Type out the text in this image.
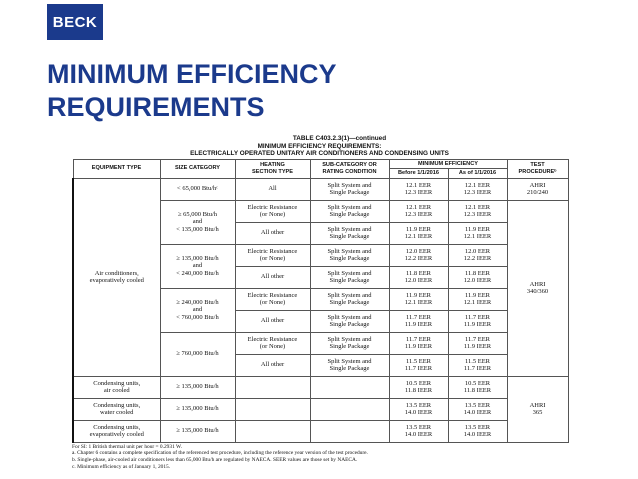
BECK
MINIMUM EFFICIENCY
REQUIREMENTS
TABLE C403.2.3(1)—continued
MINIMUM EFFICIENCY REQUIREMENTS:
ELECTRICALLY OPERATED UNITARY AIR CONDITIONERS AND CONDENSING UNITS
EQUIPMENT TYPE	SIZE CATEGORY	HEATING
SECTION TYPE	SUB-CATEGORY OR
RATING CONDITION	MINIMUM EFFICIENCY		TEST
PROCEDUREᵇ

				Before 1/1/2016	As of 1/1/2016	

Air conditioners,
evaporatively cooled	< 65,000 Btu/hᶜ	All	Split System and
Single Package	12.1 EER
12.3 IEER	12.1 EER
12.3 IEER	AHRI
210/240

	≥ 65,000 Btu/h
and
< 135,000 Btu/h	Electric Resistance
(or None)	Split System and
Single Package	12.1 EER
12.3 IEER	12.1 EER
12.3 IEER	AHRI
340/360

		All other	Split System and
Single Package	11.9 EER
12.1 IEER	11.9 EER
12.1 IEER	

	≥ 135,000 Btu/h
and
< 240,000 Btu/h	Electric Resistance
(or None)	Split System and
Single Package	12.0 EER
12.2 IEER	12.0 EER
12.2 IEER	

		All other	Split System and
Single Package	11.8 EER
12.0 IEER	11.8 EER
12.0 IEER	

	≥ 240,000 Btu/h
and
< 760,000 Btu/h	Electric Resistance
(or None)	Split System and
Single Package	11.9 EER
12.1 IEER	11.9 EER
12.1 IEER	

		All other	Split System and
Single Package	11.7 EER
11.9 IEER	11.7 EER
11.9 IEER	

	≥ 760,000 Btu/h	Electric Resistance
(or None)	Split System and
Single Package	11.7 EER
11.9 IEER	11.7 EER
11.9 IEER	

		All other	Split System and
Single Package	11.5 EER
11.7 IEER	11.5 EER
11.7 IEER	

Condensing units,
air cooled	≥ 135,000 Btu/h			10.5 EER
11.8 IEER	10.5 EER
11.8 IEER	AHRI
365

Condensing units,
water cooled	≥ 135,000 Btu/h			13.5 EER
14.0 IEER	13.5 EER
14.0 IEER	

Condensing units,
evaporatively cooled	≥ 135,000 Btu/h			13.5 EER
14.0 IEER	13.5 EER
14.0 IEER	
For SI: 1 British thermal unit per hour = 0.2931 W.
a. Chapter 6 contains a complete specification of the referenced test procedure, including the reference year version of the test procedure.
b. Single-phase, air-cooled air conditioners less than 65,000 Btu/h are regulated by NAECA. SEER values are those set by NAECA.
c. Minimum efficiency as of January 1, 2015.
